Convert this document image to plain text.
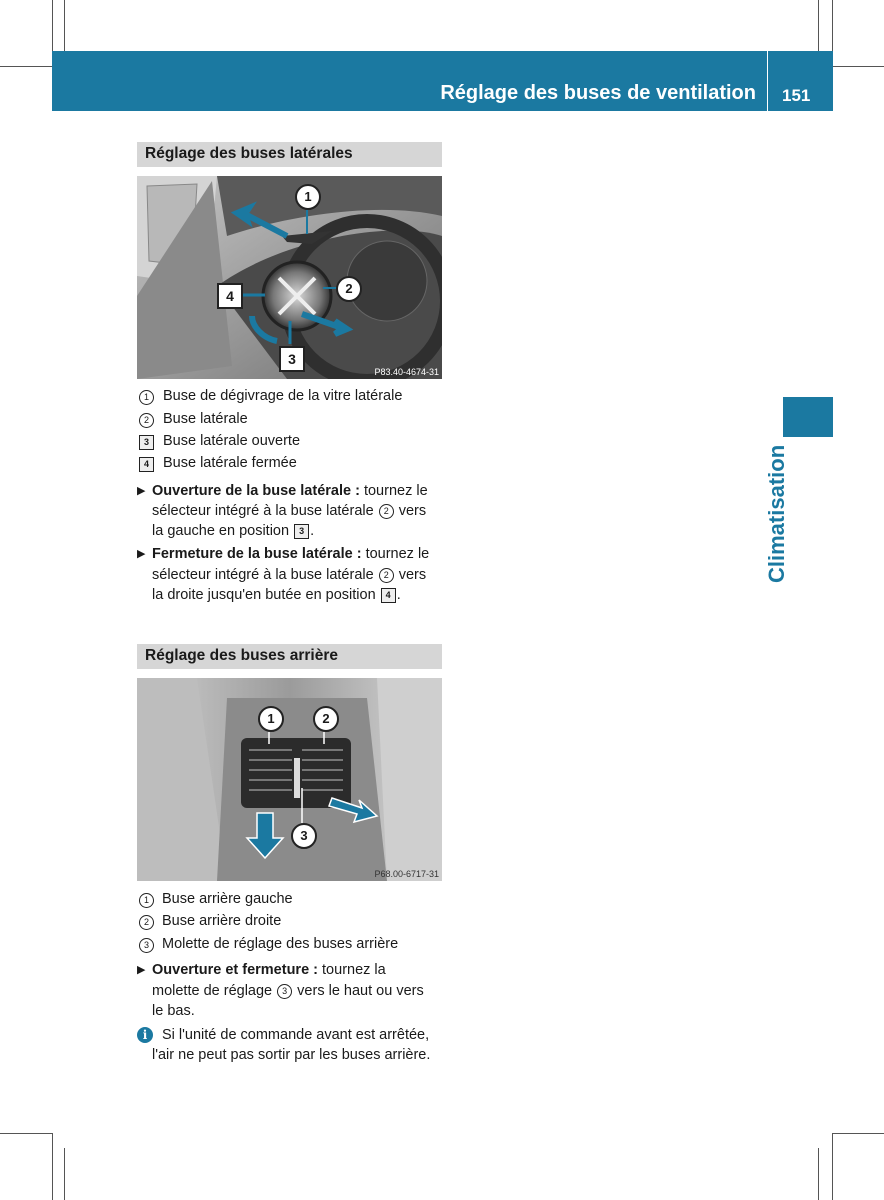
Réglage des buses de ventilation 151
Climatisation
Réglage des buses latérales
1
2
3
4
P83.40-4674-31
1 Buse de dégivrage de la vitre latérale
2 Buse latérale
3 Buse latérale ouverte
4 Buse latérale fermée
▶ Ouverture de la buse latérale : tournez le
sélecteur intégré à la buse latérale 2 vers
la gauche en position 3 .
▶ Fermeture de la buse latérale : tournez le
sélecteur intégré à la buse latérale 2 vers
la droite jusqu'en butée en position 4 .
Réglage des buses arrière
1	2
3
P68.00-6717-31
1 Buse arrière gauche
2 Buse arrière droite
3 Molette de réglage des buses arrière
▶ Ouverture et fermeture : tournez la
molette de réglage 3 vers le haut ou vers
le bas.
i	Si l'unité de commande avant est arrêtée,
l'air ne peut pas sortir par les buses arrière.
